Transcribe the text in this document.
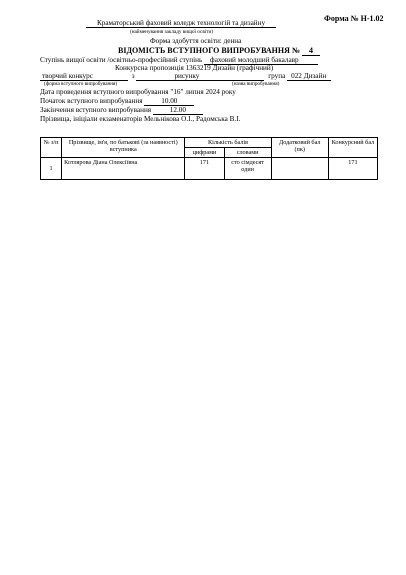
Форма № Н-1.02
Краматорський фаховий коледж технологій та дизайну
(найменування закладу вищої освіти)
Форма здобуття освіти: денна
ВІДОМІСТЬ ВСТУПНОГО ВИПРОБУВАННЯ № 4
Ступінь вищої освіти /освітньо-професійний ступінь фаховий молодший бакалавр
Конкурсна пропозиція 1363219 Дизайн (графічний)
творчий конкурс	з	рисунку	група 022 Дизайн
(форма вступного випробування)	(назва випробування)
Дата проведення вступного випробування "16" липня 2024 року
Початок вступного випробування	10.00
Закінчення вступного випробування	12.00
Прізвища, ініціали екзаменаторів Мельнікова О.І., Радомська В.І.
№ з/п	Прізвище, ім'я, по батькові (за наявності) вступника	Кількість балів		Додатковий бал (пк)	Конкурсний бал
		цифрами	словами		
1	Котлярова Діана Олексіївна	171	сто сімдесят один		171
